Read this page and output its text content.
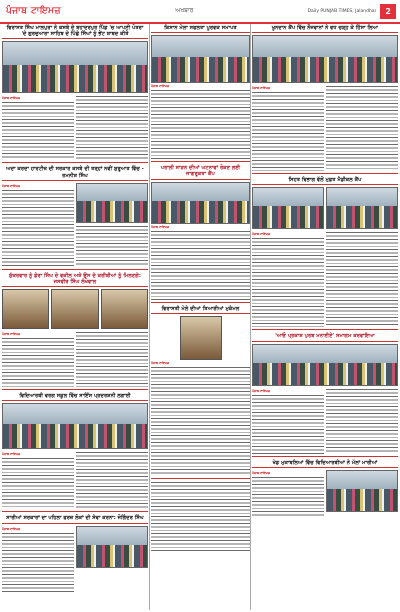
ਪੰਜਾਬ ਟਾਇਮਜ਼	ਅਖਬਾਰ	Daily PUNJAB TIMES, Jalandhar	2
ਵਿਰਾਸਤ ਸਿੰਘ ਮਾਲਪੁਰਾ ਨੇ ਕਸਬੇ ਦੇ ਬਹਾਦਰਪੁਰ ਪਿੰਡ 'ਚ ਆਪਣੀ ਪੋਤਰਾ 'ਦੇ ਗੁਰਦੁਆਰਾ ਸਾਹਿਬ ਦੇ ਪਿੱਛੇ ਸਿੰਘਾਂ ਨੂੰ ਭੇਂਟ ਸ਼ਾਬਦ ਕੀਤੇ
ਪੰਜਾਬ ਟਾਇਮਜ਼
ਅਦਾ ਕਰਦਾ ਹਾਰਟੀਜ਼ ਦੀ ਸਰਕਾਰ ਕਸਬੇ ਦੀ ਤਰ੍ਹਾਂ ਨਵੀਂ ਸ਼ੁਰੂਆਤ ਵਿੱਚ - ਰਮਨੀਸ਼ ਸਿੰਘ
ਪੰਜਾਬ ਟਾਇਮਜ਼
ਸ਼ੁੱਕਰਵਾਰ ਨੂੰ ਡੇਰਾ ਸਿੰਘ ਦੇ ਵਕੀਲ ਅਤੇ ਉਸ ਦੇ ਕਰੀਬੀਆਂ ਨੂੰ ਮਿਲਣਗੇ: ਜਸਵੀਰ ਸਿੰਘ ਲੱਖੋਵਾਲ
ਪੰਜਾਬ ਟਾਇਮਜ਼
ਵਿਦਿਆਰਥੀ ਵਰਗ ਸਕੂਲ ਵਿੱਚ ਸਾਇੰਸ ਪ੍ਰਦਰਸ਼ਨੀ ਲਗਾਈ
ਪੰਜਾਬ ਟਾਇਮਜ਼
ਸਾਰੀਆਂ ਸਰਕਾਰਾਂ ਦਾ ਪਹਿਲਾ ਫਰਜ਼ ਲੋਕਾਂ ਦੀ ਸੇਵਾ ਕਰਨਾ: ਜੋਗਿੰਦਰ ਸਿੰਘ
ਪੰਜਾਬ ਟਾਇਮਜ਼
ਕਿਸਾਨ ਮੇਲਾ ਸਫਲਤਾ ਪੂਰਵਕ ਸਮਾਪਤ
ਪੰਜਾਬ ਟਾਇਮਜ਼
ਪਰਾਲੀ ਸਾੜਨ ਦੀਆਂ ਘਟਨਾਵਾਂ ਰੋਕਣ ਲਈ ਜਾਗਰੂਕਤਾ ਕੈਂਪ
ਪੰਜਾਬ ਟਾਇਮਜ਼
ਵਿਰਾਸਤੀ ਮੇਲੇ ਦੀਆਂ ਤਿਆਰੀਆਂ ਮੁਕੰਮਲ
ਪੰਜਾਬ ਟਾਇਮਜ਼
ਖੂਨਦਾਨ ਕੈਂਪ ਵਿੱਚ ਨੌਜਵਾਨਾਂ ਨੇ ਵਧ ਚੜ੍ਹ ਕੇ ਹਿੱਸਾ ਲਿਆ
ਪੰਜਾਬ ਟਾਇਮਜ਼
ਸਿਹਤ ਵਿਭਾਗ ਵੱਲੋਂ ਮੁਫ਼ਤ ਮੈਡੀਕਲ ਕੈਂਪ
ਪੰਜਾਬ ਟਾਇਮਜ਼
'ਆਓ ਪ੍ਰਕਾਸ਼ ਪੁਰਬ ਮਨਾਈਏ' ਸਮਾਗਮ ਕਰਵਾਇਆ
ਪੰਜਾਬ ਟਾਇਮਜ਼
ਖੇਡ ਮੁਕਾਬਲਿਆਂ ਵਿੱਚ ਵਿਦਿਆਰਥੀਆਂ ਨੇ ਮੱਲਾਂ ਮਾਰੀਆਂ
ਪੰਜਾਬ ਟਾਇਮਜ਼
